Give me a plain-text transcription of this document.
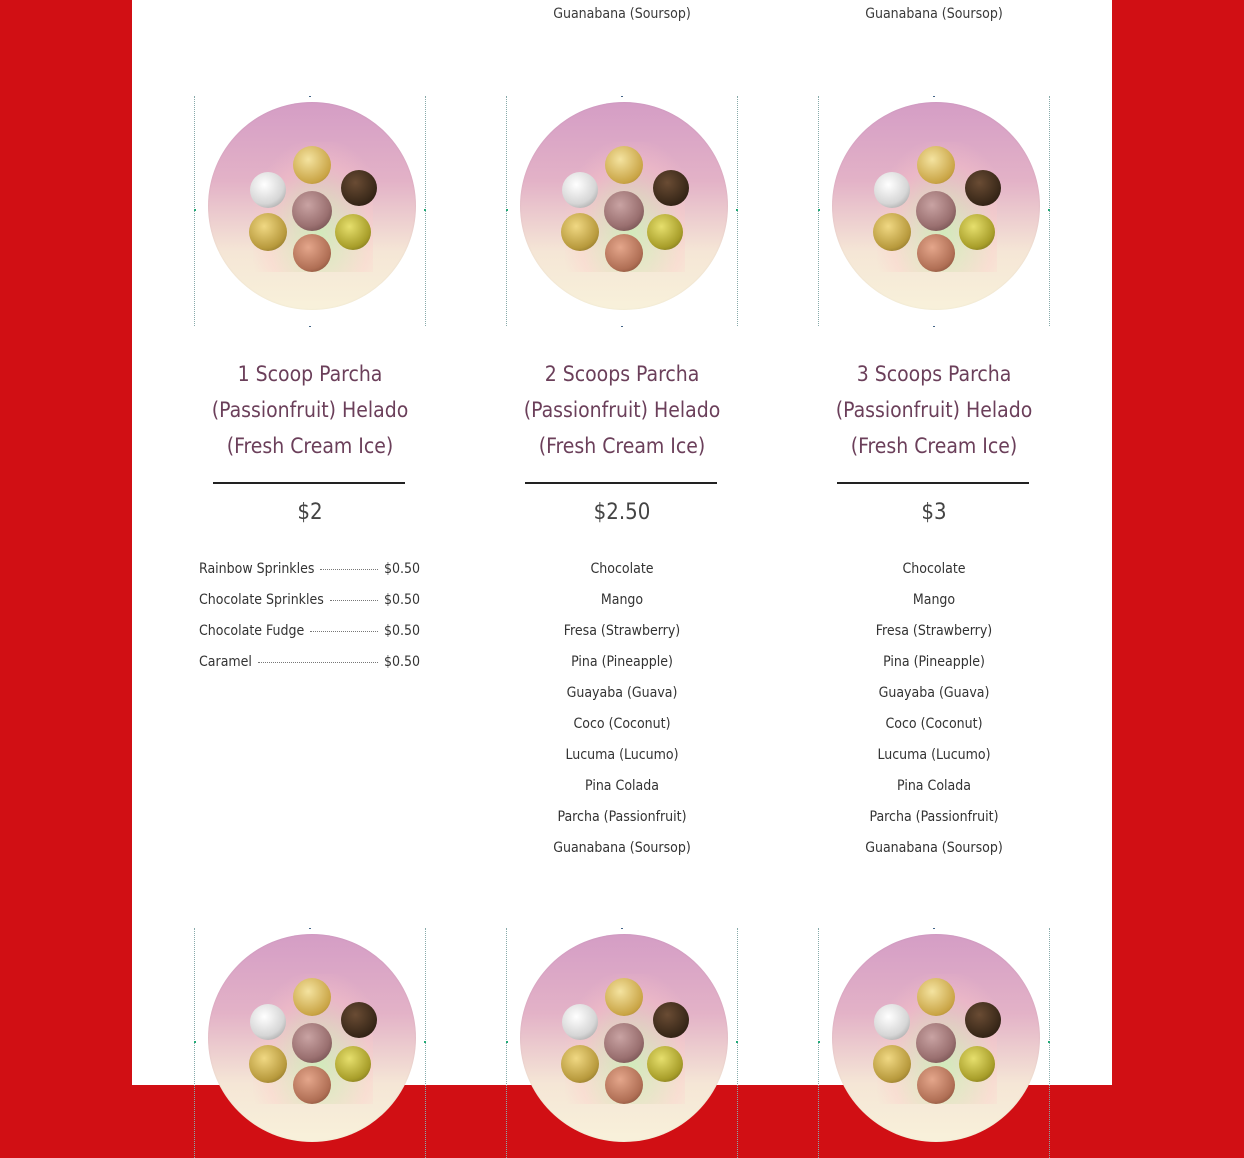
Guanabana (Soursop)	Guanabana (Soursop)
1 Scoop Parcha (Passionfruit) Helado (Fresh Cream Ice)
$2
Rainbow Sprinkles	$0.50
Chocolate Sprinkles	$0.50
Chocolate Fudge	$0.50
Caramel	$0.50
2 Scoops Parcha (Passionfruit) Helado (Fresh Cream Ice)
$2.50
Chocolate
Mango
Fresa (Strawberry)
Pina (Pineapple)
Guayaba (Guava)
Coco (Coconut)
Lucuma (Lucumo)
Pina Colada
Parcha (Passionfruit)
Guanabana (Soursop)
3 Scoops Parcha (Passionfruit) Helado (Fresh Cream Ice)
$3
Chocolate
Mango
Fresa (Strawberry)
Pina (Pineapple)
Guayaba (Guava)
Coco (Coconut)
Lucuma (Lucumo)
Pina Colada
Parcha (Passionfruit)
Guanabana (Soursop)
